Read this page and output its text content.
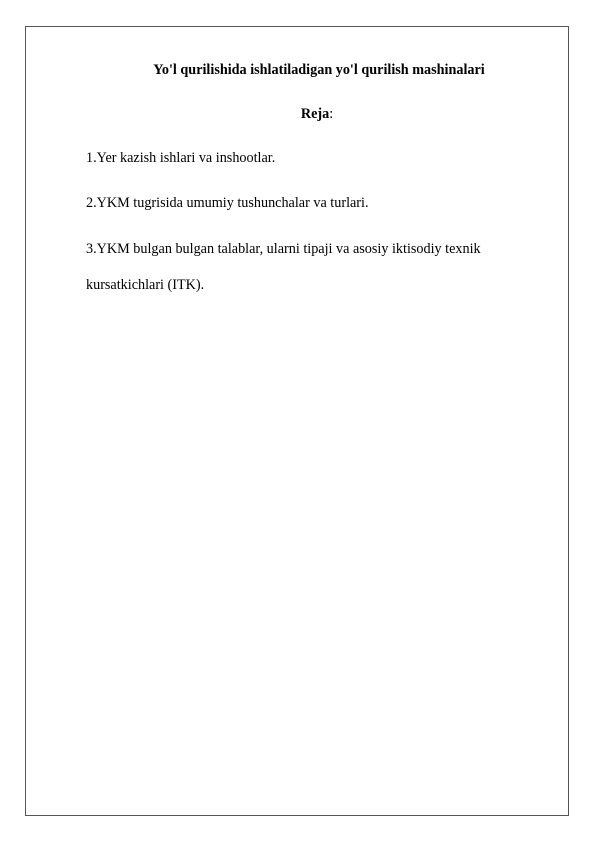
Yo'l qurilishida ishlatiladigan yo'l qurilish mashinalari
Reja:
1.Yer kazish ishlari va inshootlar.
2.YKM tugrisida umumiy tushunchalar va turlari.
3.YKM bulgan bulgan talablar, ularni tipaji va asosiy iktisodiy texnik
kursatkichlari (ITK).
